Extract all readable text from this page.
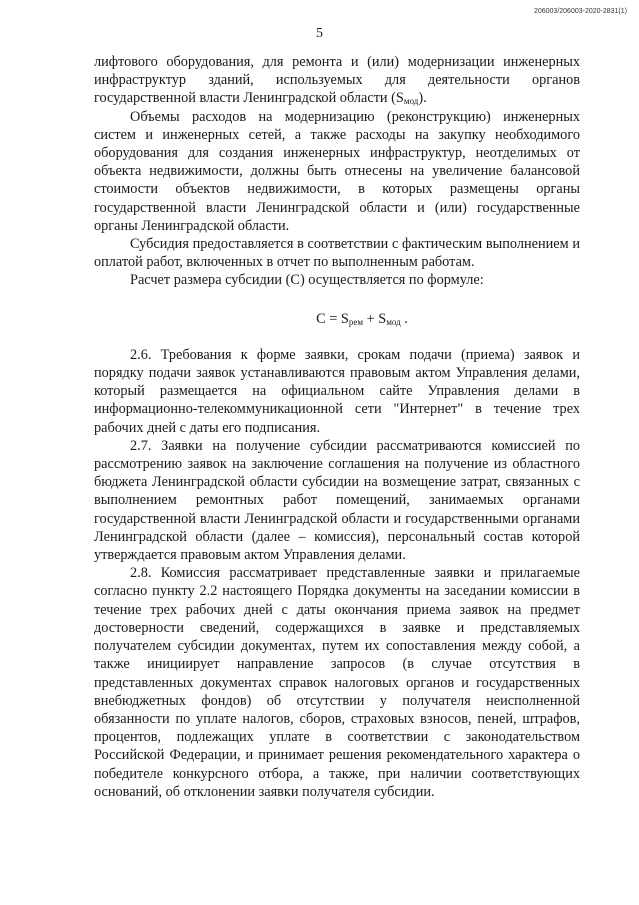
206003/206003-2020-2831(1)
5

лифтового оборудования, для ремонта и (или) модернизации инженерных инфраструктур зданий, используемых для деятельности органов государственной власти Ленинградской области $(S_{мод})$.

Объемы расходов на модернизацию (реконструкцию) инженерных систем и инженерных сетей, а также расходы на закупку необходимого оборудования для создания инженерных инфраструктур, неотделимых от объекта недвижимости, должны быть отнесены на увеличение балансовой стоимости объектов недвижимости, в которых размещены органы государственной власти Ленинградской области и (или) государственные органы Ленинградской области.

Субсидия предоставляется в соответствии с фактическим выполнением и оплатой работ, включенных в отчет по выполненным работам.

Расчет размера субсидии (С) осуществляется по формуле:

$C = S_{рем} + S_{мод}$ .

2.6. Требования к форме заявки, срокам подачи (приема) заявок и порядку подачи заявок устанавливаются правовым актом Управления делами, который размещается на официальном сайте Управления делами в информационно-телекоммуникационной сети "Интернет" в течение трех рабочих дней с даты его подписания.

2.7. Заявки на получение субсидии рассматриваются комиссией по рассмотрению заявок на заключение соглашения на получение из областного бюджета Ленинградской области субсидии на возмещение затрат, связанных с выполнением ремонтных работ помещений, занимаемых органами государственной власти Ленинградской области и государственными органами Ленинградской области (далее – комиссия), персональный состав которой утверждается правовым актом Управления делами.

2.8. Комиссия рассматривает представленные заявки и прилагаемые согласно пункту 2.2 настоящего Порядка документы на заседании комиссии в течение трех рабочих дней с даты окончания приема заявок на предмет достоверности сведений, содержащихся в заявке и представляемых получателем субсидии документах, путем их сопоставления между собой, а также инициирует направление запросов (в случае отсутствия в представленных документах справок налоговых органов и государственных внебюджетных фондов) об отсутствии у получателя неисполненной обязанности по уплате налогов, сборов, страховых взносов, пеней, штрафов, процентов, подлежащих уплате в соответствии с законодательством Российской Федерации, и принимает решения рекомендательного характера о победителе конкурсного отбора, а также, при наличии соответствующих оснований, об отклонении заявки получателя субсидии.
